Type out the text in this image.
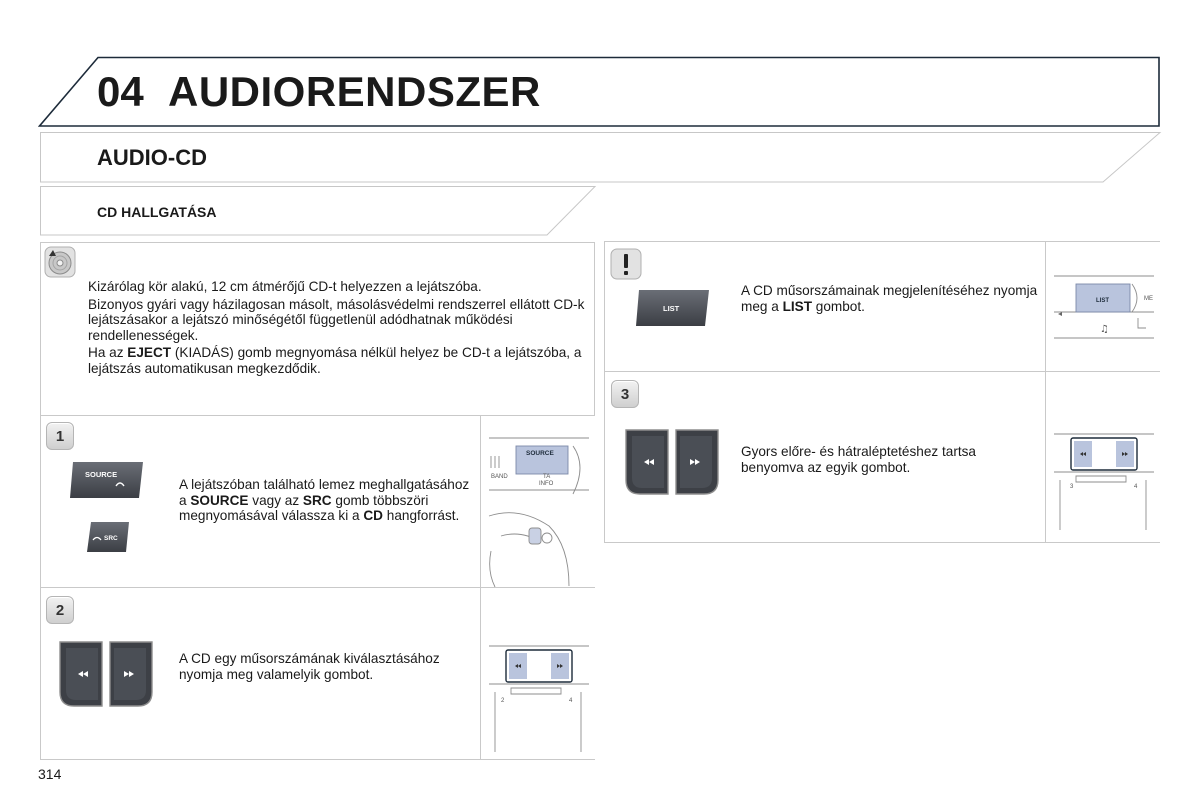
04 AUDIORENDSZER
AUDIO-CD
CD HALLGATÁSA

Kizárólag kör alakú, 12 cm átmérőjű CD-t helyezzen a lejátszóba.

Bizonyos gyári vagy házilagosan másolt, másolásvédelmi rendszerrel ellátott CD-k lejátszásakor a lejátszó minőségétől függetlenül adódhatnak működési rendellenességek.

Ha az EJECT (KIADÁS) gomb megnyomása nélkül helyez be CD-t a lejátszóba, a lejátszás automatikusan megkezdődik.

1
SOURCE
SRC
A lejátszóban található lemez meghallgatásához a SOURCE vagy az SRC gomb többszöri megnyomásával válassza ki a CD hangforrást.
SOURCE
BAND	TA
INFO
2
A CD egy műsorszámának kiválasztásához nyomja meg valamelyik gombot.
2	4
LIST
A CD műsorszámainak megjelenítéséhez nyomja meg a LIST gombot.
♫
LIST	ME
3
Gyors előre- és hátraléptetéshez tartsa benyomva az egyik gombot.
3	4
314
